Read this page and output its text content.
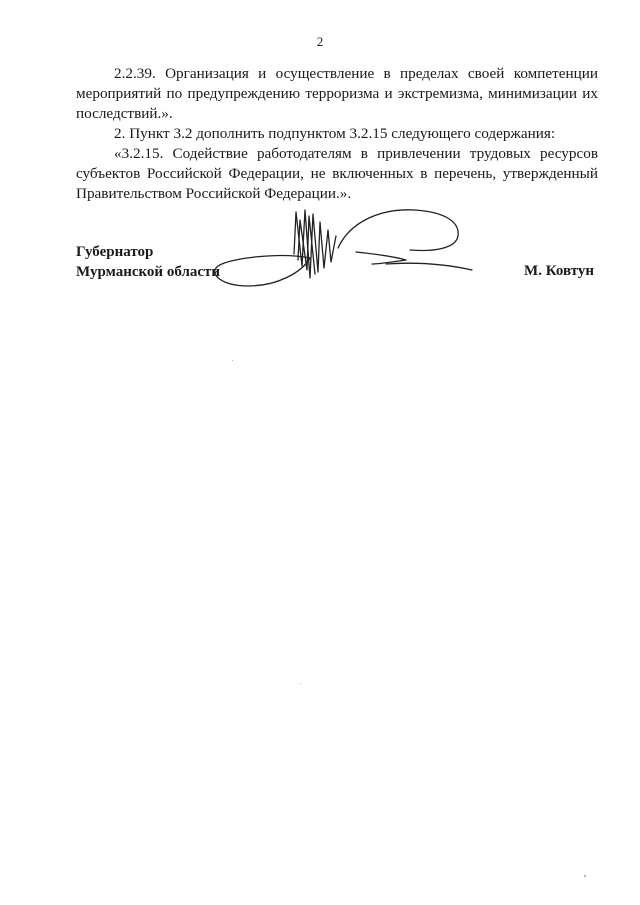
2

2.2.39. Организация и осуществление в пределах своей компетенции мероприятий по предупреждению терроризма и экстремизма, минимизации их последствий.».

2. Пункт 3.2 дополнить подпунктом 3.2.15 следующего содержания:

«3.2.15. Содействие работодателям в привлечении трудовых ресурсов субъектов Российской Федерации, не включенных в перечень, утвержденный Правительством Российской Федерации.».

Губернатор
Мурманской области	М. Ковтун
